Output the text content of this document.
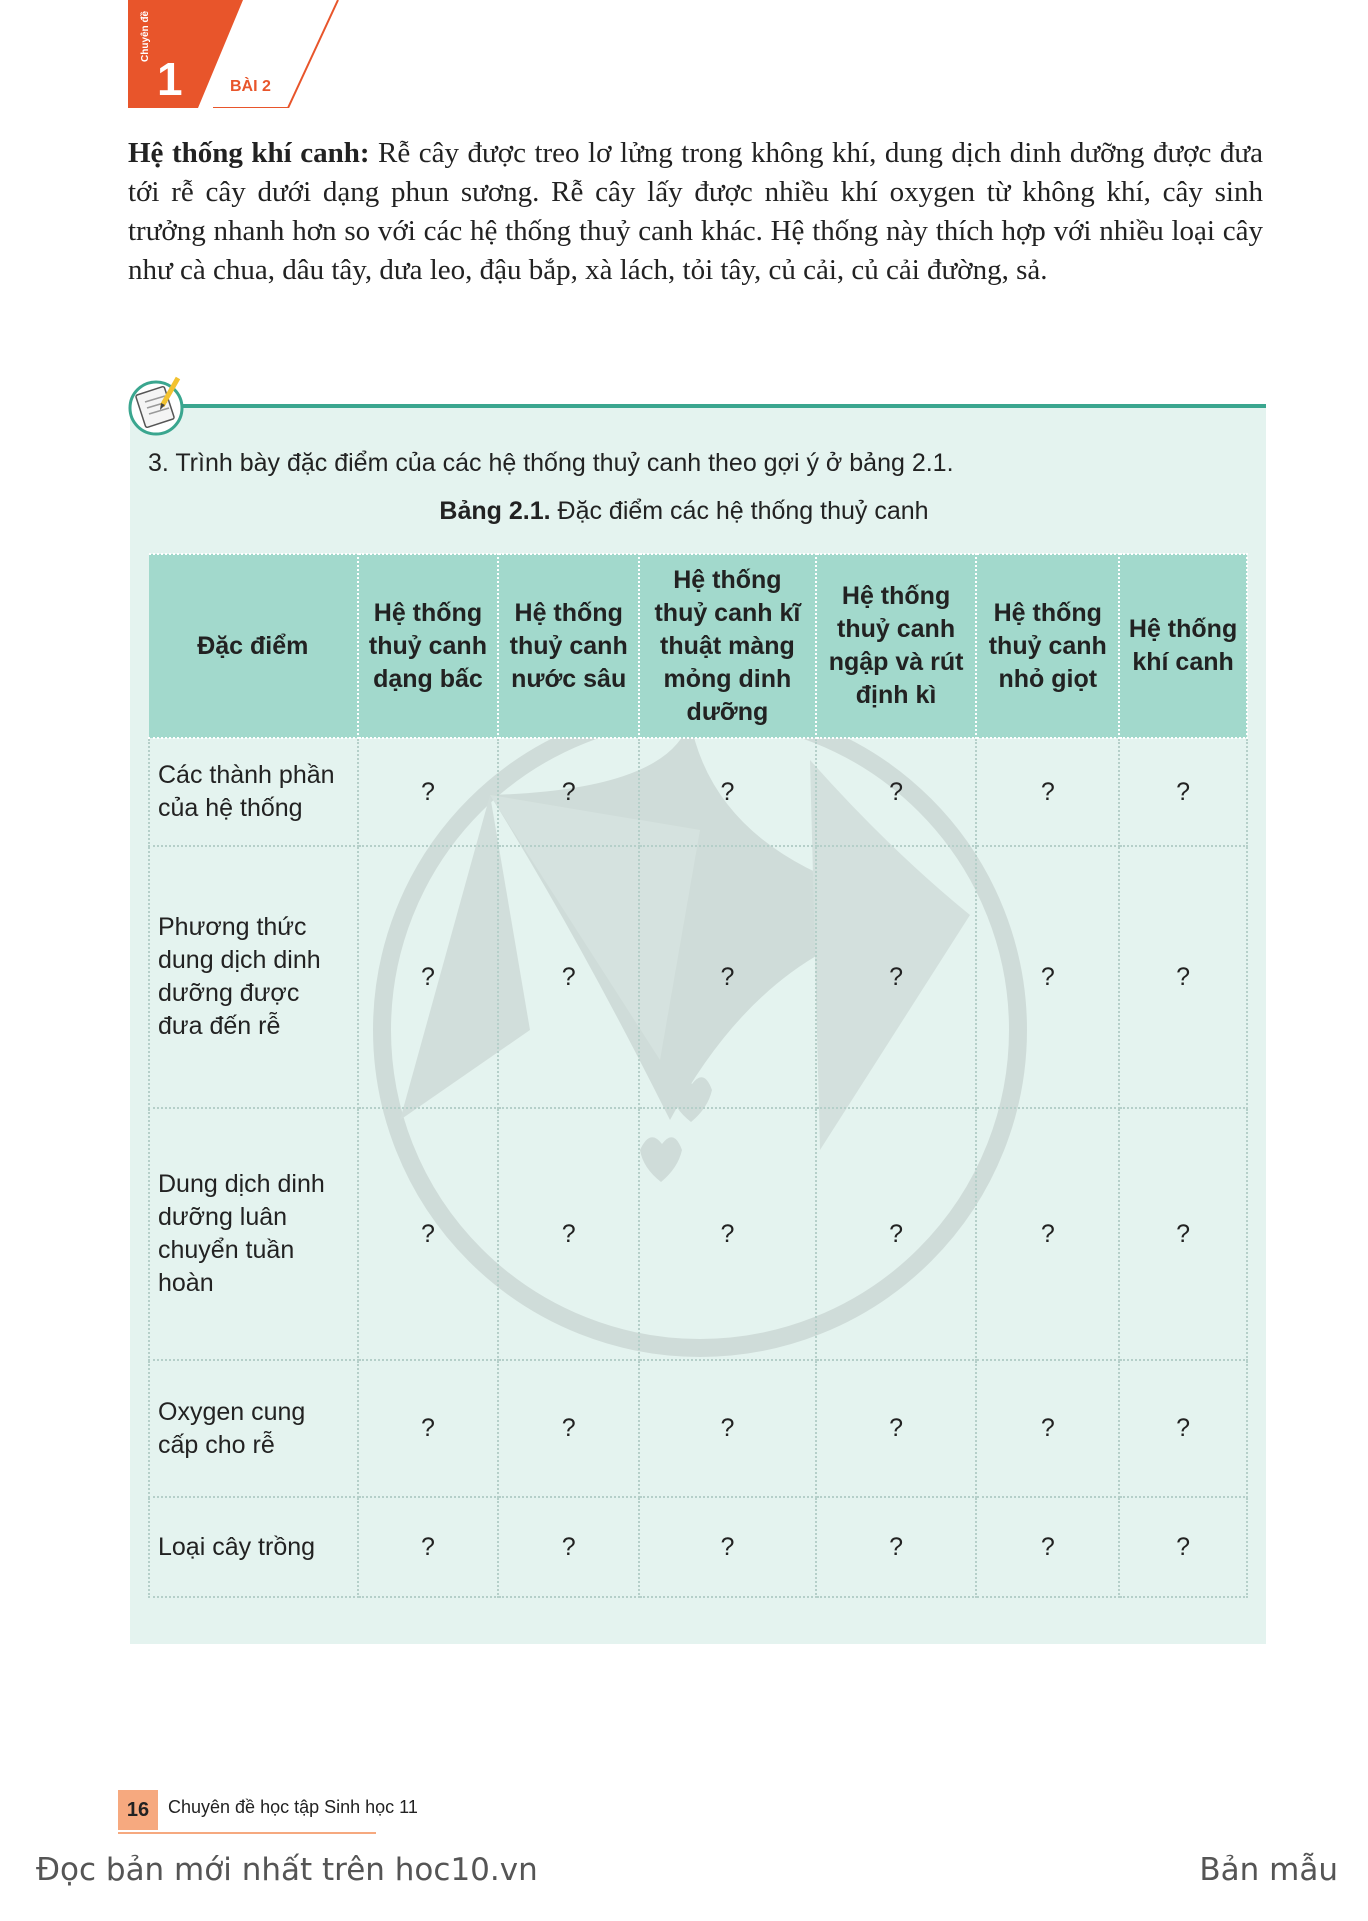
Chuyên đề
1	BÀI 2
Hệ thống khí canh: Rễ cây được treo lơ lửng trong không khí, dung dịch dinh dưỡng được đưa tới rễ cây dưới dạng phun sương. Rễ cây lấy được nhiều khí oxygen từ không khí, cây sinh trưởng nhanh hơn so với các hệ thống thuỷ canh khác. Hệ thống này thích hợp với nhiều loại cây như cà chua, dâu tây, dưa leo, đậu bắp, xà lách, tỏi tây, củ cải, củ cải đường, sả.
3. Trình bày đặc điểm của các hệ thống thuỷ canh theo gợi ý ở bảng 2.1.
Bảng 2.1. Đặc điểm các hệ thống thuỷ canh
Đặc điểm	Hệ thống thuỷ canh dạng bấc	Hệ thống thuỷ canh nước sâu	Hệ thống thuỷ canh kĩ thuật màng mỏng dinh dưỡng	Hệ thống thuỷ canh ngập và rút định kì	Hệ thống thuỷ canh nhỏ giọt	Hệ thống khí canh
Các thành phần của hệ thống	?	?	?	?	?	?
Phương thức dung dịch dinh dưỡng được đưa đến rễ	?	?	?	?	?	?
Dung dịch dinh dưỡng luân chuyển tuần hoàn	?	?	?	?	?	?
Oxygen cung cấp cho rễ	?	?	?	?	?	?
Loại cây trồng	?	?	?	?	?	?
16	Chuyên đề học tập Sinh học 11
Đọc bản mới nhất trên hoc10.vn	Bản mẫu
